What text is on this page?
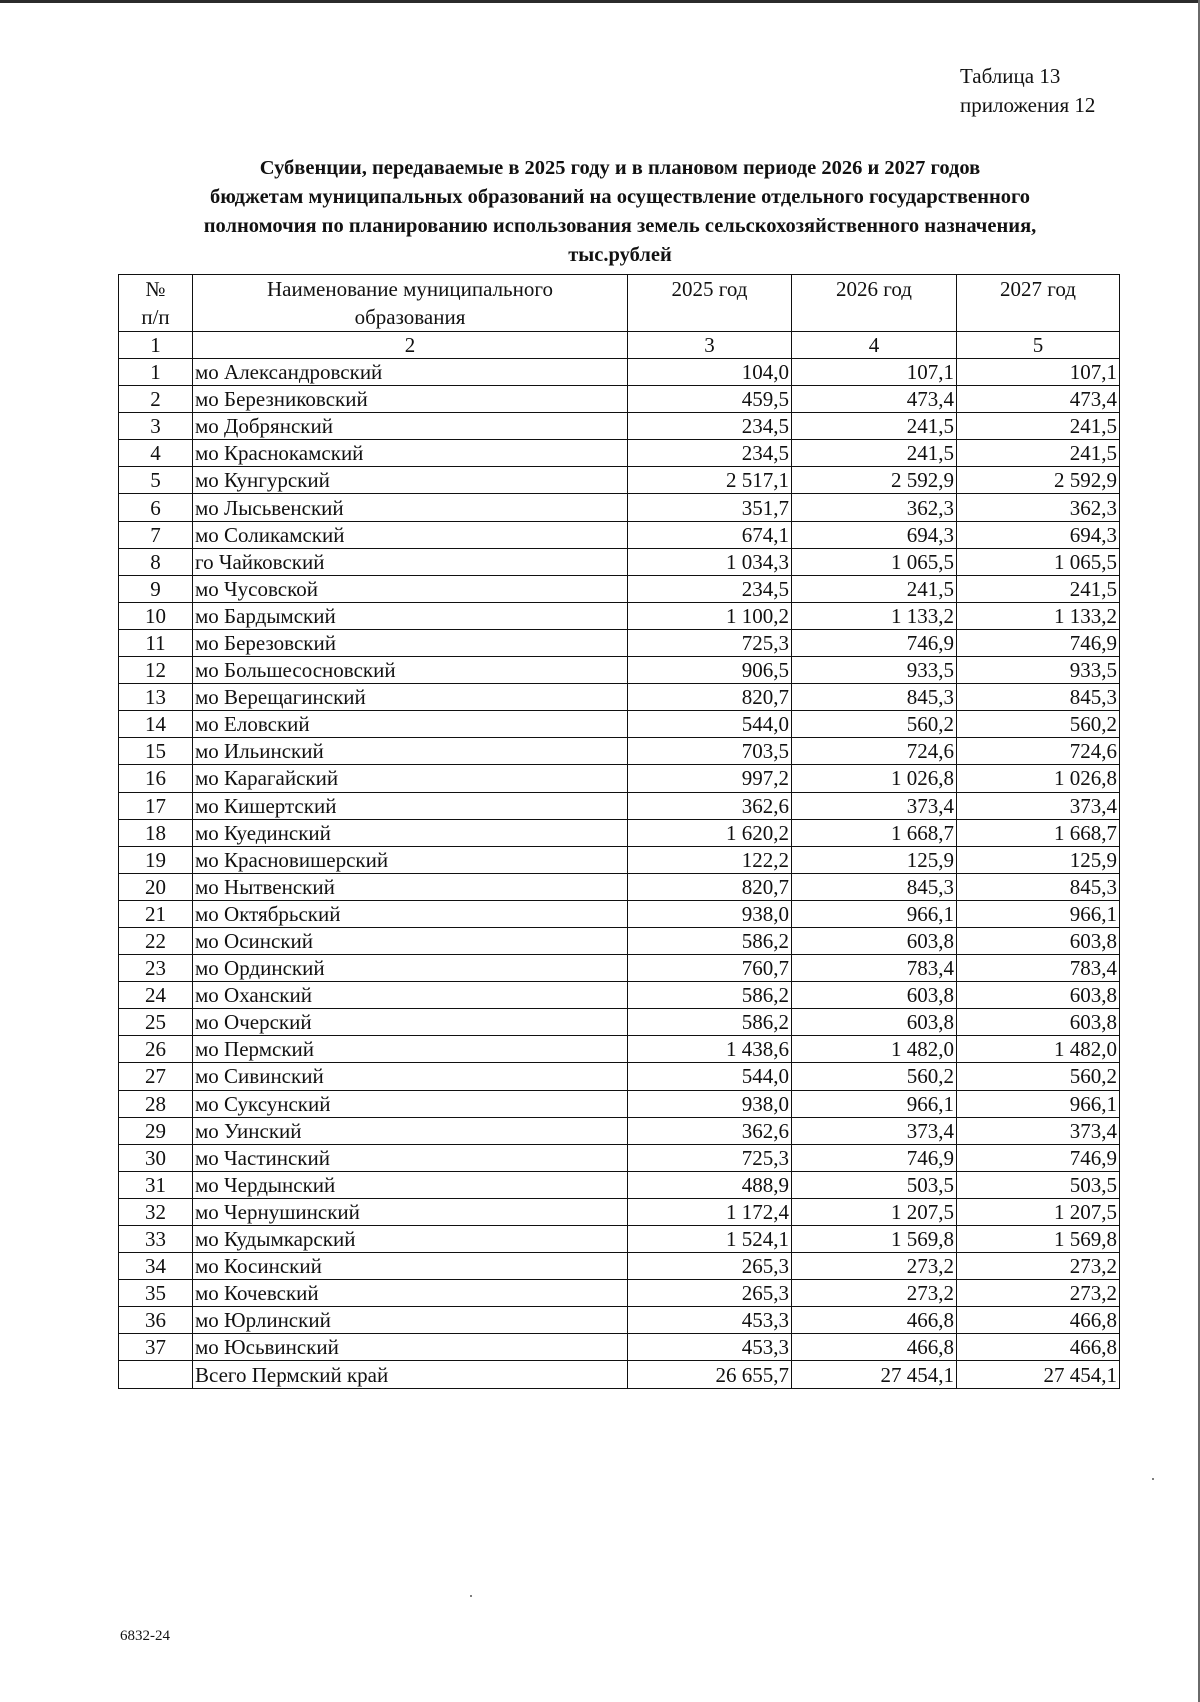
Таблица 13
приложения 12
Субвенции, передаваемые в 2025 году и в плановом периоде 2026 и 2027 годов
бюджетам муниципальных образований на осуществление отдельного государственного
полномочия по планированию использования земель сельскохозяйственного назначения,
тыс.рублей
№ п/п	Наименование муниципального образования	2025 год	2026 год	2027 год
1	2	3	4	5
1	мо Александровский	104,0	107,1	107,1
2	мо Березниковский	459,5	473,4	473,4
3	мо Добрянский	234,5	241,5	241,5
4	мо Краснокамский	234,5	241,5	241,5
5	мо Кунгурский	2 517,1	2 592,9	2 592,9
6	мо Лысьвенский	351,7	362,3	362,3
7	мо Соликамский	674,1	694,3	694,3
8	го Чайковский	1 034,3	1 065,5	1 065,5
9	мо Чусовской	234,5	241,5	241,5
10	мо Бардымский	1 100,2	1 133,2	1 133,2
11	мо Березовский	725,3	746,9	746,9
12	мо Большесосновский	906,5	933,5	933,5
13	мо Верещагинский	820,7	845,3	845,3
14	мо Еловский	544,0	560,2	560,2
15	мо Ильинский	703,5	724,6	724,6
16	мо Карагайский	997,2	1 026,8	1 026,8
17	мо Кишертский	362,6	373,4	373,4
18	мо Куединский	1 620,2	1 668,7	1 668,7
19	мо Красновишерский	122,2	125,9	125,9
20	мо Нытвенский	820,7	845,3	845,3
21	мо Октябрьский	938,0	966,1	966,1
22	мо Осинский	586,2	603,8	603,8
23	мо Ординский	760,7	783,4	783,4
24	мо Оханский	586,2	603,8	603,8
25	мо Очерский	586,2	603,8	603,8
26	мо Пермский	1 438,6	1 482,0	1 482,0
27	мо Сивинский	544,0	560,2	560,2
28	мо Суксунский	938,0	966,1	966,1
29	мо Уинский	362,6	373,4	373,4
30	мо Частинский	725,3	746,9	746,9
31	мо Чердынский	488,9	503,5	503,5
32	мо Чернушинский	1 172,4	1 207,5	1 207,5
33	мо Кудымкарский	1 524,1	1 569,8	1 569,8
34	мо Косинский	265,3	273,2	273,2
35	мо Кочевский	265,3	273,2	273,2
36	мо Юрлинский	453,3	466,8	466,8
37	мо Юсьвинский	453,3	466,8	466,8
	Всего Пермский край	26 655,7	27 454,1	27 454,1
6832-24
